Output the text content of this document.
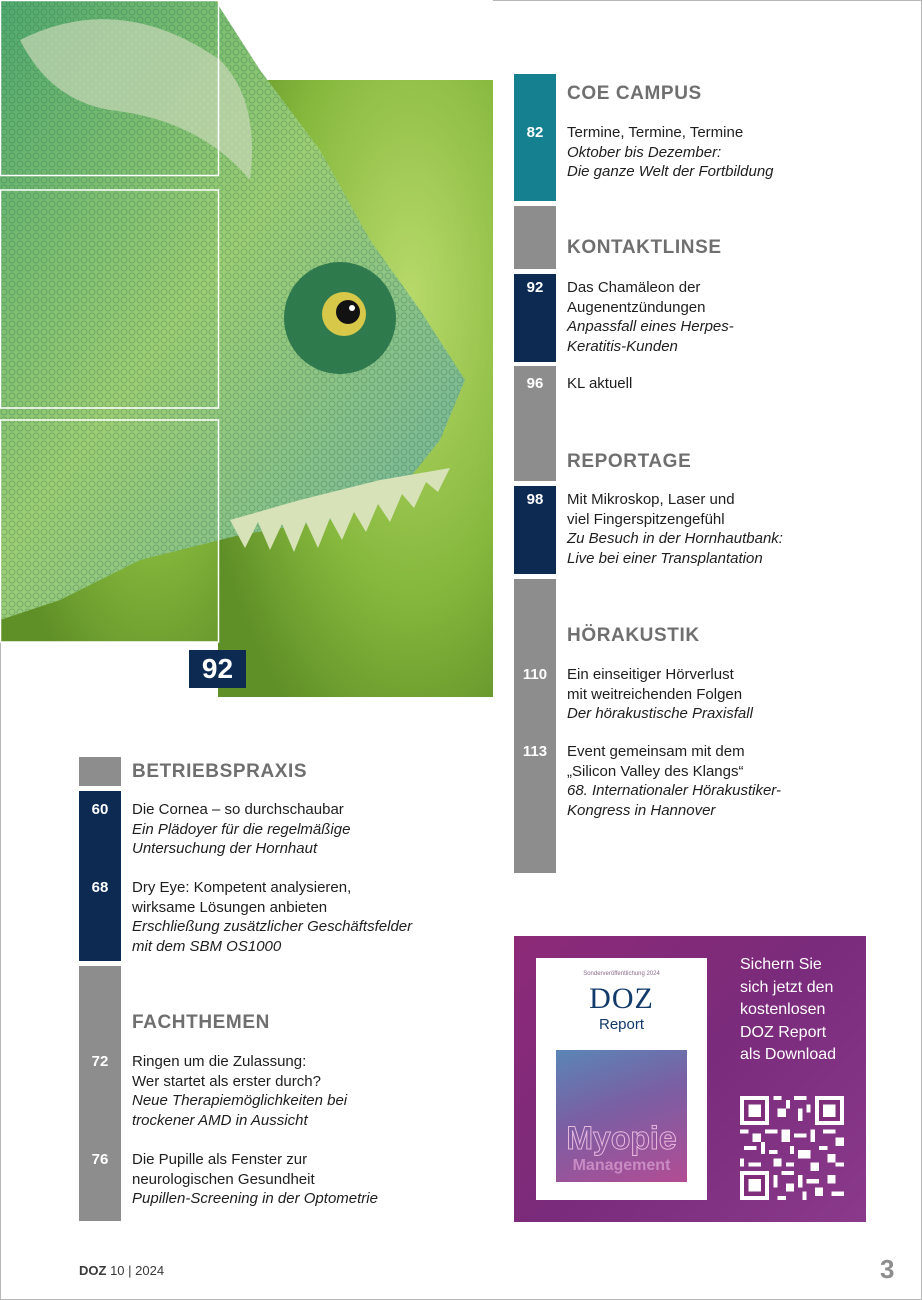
92
COE CAMPUS
82	Termine, Termine, Termine
Oktober bis Dezember:
Die ganze Welt der Fortbildung
KONTAKTLINSE
92	Das Chamäleon der
Augenentzündungen
Anpassfall eines Herpes-
Keratitis-Kunden
96	KL aktuell
REPORTAGE
98	Mit Mikroskop, Laser und
viel Fingerspitzengefühl
Zu Besuch in der Hornhautbank:
Live bei einer Transplantation
HÖRAKUSTIK
110	Ein einseitiger Hörverlust
mit weitreichenden Folgen
Der hörakustische Praxisfall
113	Event gemeinsam mit dem
„Silicon Valley des Klangs“
68. Internationaler Hörakustiker-
Kongress in Hannover
BETRIEBSPRAXIS
60	Die Cornea – so durchschaubar
Ein Plädoyer für die regelmäßige
Untersuchung der Hornhaut
68	Dry Eye: Kompetent analysieren,
wirksame Lösungen anbieten
Erschließung zusätzlicher Geschäftsfelder
mit dem SBM OS1000
FACHTHEMEN
72	Ringen um die Zulassung:
Wer startet als erster durch?
Neue Therapiemöglichkeiten bei
trockener AMD in Aussicht
76	Die Pupille als Fenster zur
neurologischen Gesundheit
Pupillen-Screening in der Optometrie
Sonderveröffentlichung 2024
DOZ
Report
Myopie
Management
Sichern Sie
sich jetzt den
kostenlosen
DOZ Report
als Download
DOZ 10 | 2024	3
